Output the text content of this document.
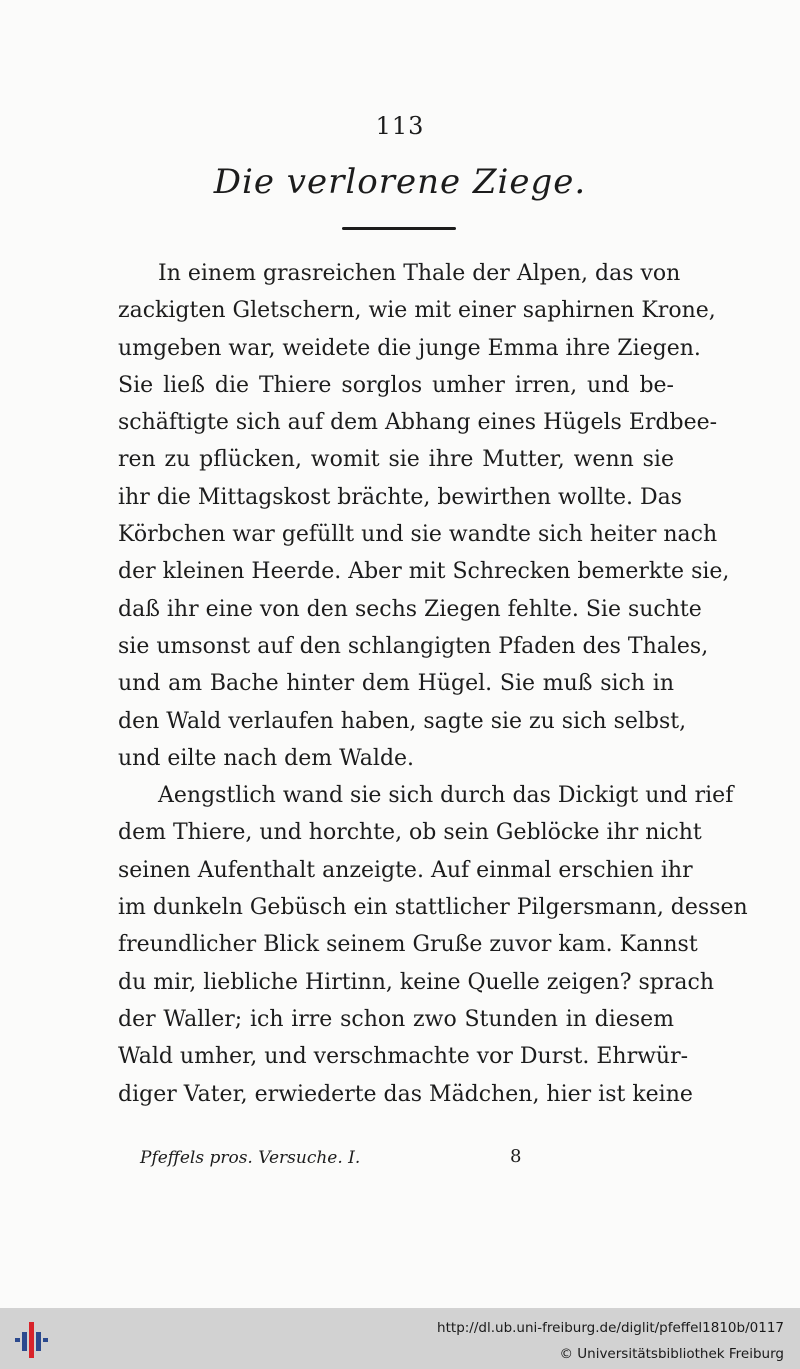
113
Die verlorene Ziege.
In einem grasreichen Thale der Alpen, das von
zackigten Gletschern, wie mit einer saphirnen Krone,
umgeben war, weidete die junge Emma ihre Ziegen.
Sie ließ die Thiere sorglos umher irren, und be-
schäftigte sich auf dem Abhang eines Hügels Erdbee-
ren zu pflücken, womit sie ihre Mutter, wenn sie
ihr die Mittagskost brächte, bewirthen wollte. Das
Körbchen war gefüllt und sie wandte sich heiter nach
der kleinen Heerde. Aber mit Schrecken bemerkte sie,
daß ihr eine von den sechs Ziegen fehlte. Sie suchte
sie umsonst auf den schlangigten Pfaden des Thales,
und am Bache hinter dem Hügel. Sie muß sich in
den Wald verlaufen haben, sagte sie zu sich selbst,
und eilte nach dem Walde.
Aengstlich wand sie sich durch das Dickigt und rief
dem Thiere, und horchte, ob sein Geblöcke ihr nicht
seinen Aufenthalt anzeigte. Auf einmal erschien ihr
im dunkeln Gebüsch ein stattlicher Pilgersmann, dessen
freundlicher Blick seinem Gruße zuvor kam. Kannst
du mir, liebliche Hirtinn, keine Quelle zeigen? sprach
der Waller; ich irre schon zwo Stunden in diesem
Wald umher, und verschmachte vor Durst. Ehrwür-
diger Vater, erwiederte das Mädchen, hier ist keine
Pfeffels pros. Versuche. I.	8
http://dl.ub.uni-freiburg.de/diglit/pfeffel1810b/0117
© Universitätsbibliothek Freiburg
